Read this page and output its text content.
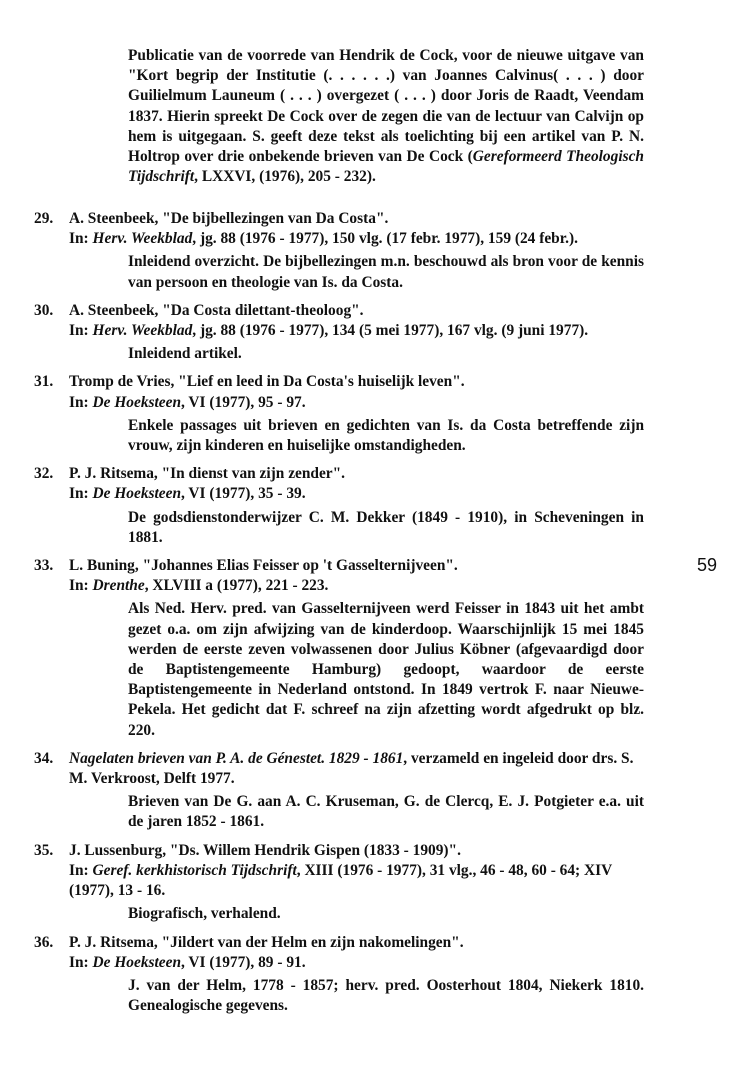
Publicatie van de voorrede van Hendrik de Cock, voor de nieuwe uitgave van "Kort begrip der Institutie (. . . . . .) van Joannes Calvinus( . . . ) door Guilielmum Launeum ( . . . ) overgezet ( . . . ) door Joris de Raadt, Veendam 1837. Hierin spreekt De Cock over de zegen die van de lectuur van Calvijn op hem is uitgegaan. S. geeft deze tekst als toelichting bij een artikel van P. N. Holtrop over drie onbekende brieven van De Cock (Gereformeerd Theologisch Tijdschrift, LXXVI, (1976), 205 - 232).
29.	A. Steenbeek, "De bijbellezingen van Da Costa".
In: Herv. Weekblad, jg. 88 (1976 - 1977), 150 vlg. (17 febr. 1977), 159 (24 febr.).
Inleidend overzicht. De bijbellezingen m.n. beschouwd als bron voor de kennis van persoon en theologie van Is. da Costa.
30.	A. Steenbeek, "Da Costa dilettant-theoloog".
In: Herv. Weekblad, jg. 88 (1976 - 1977), 134 (5 mei 1977), 167 vlg. (9 juni 1977).
Inleidend artikel.
31.	Tromp de Vries, "Lief en leed in Da Costa's huiselijk leven".
In: De Hoeksteen, VI (1977), 95 - 97.
Enkele passages uit brieven en gedichten van Is. da Costa betreffende zijn vrouw, zijn kinderen en huiselijke omstandigheden.
32.	P. J. Ritsema, "In dienst van zijn zender".
In: De Hoeksteen, VI (1977), 35 - 39.
De godsdienstonderwijzer C. M. Dekker (1849 - 1910), in Scheveningen in 1881.
33.	L. Buning, "Johannes Elias Feisser op 't Gasselternijveen".
In: Drenthe, XLVIII a (1977), 221 - 223.
Als Ned. Herv. pred. van Gasselternijveen werd Feisser in 1843 uit het ambt gezet o.a. om zijn afwijzing van de kinderdoop. Waarschijnlijk 15 mei 1845 werden de eerste zeven volwassenen door Julius Köbner (afgevaardigd door de Baptistengemeente Hamburg) gedoopt, waardoor de eerste Baptistengemeente in Nederland ontstond. In 1849 vertrok F. naar Nieuwe-Pekela. Het gedicht dat F. schreef na zijn afzetting wordt afgedrukt op blz. 220.
34.	Nagelaten brieven van P. A. de Génestet. 1829 - 1861, verzameld en ingeleid door drs. S. M. Verkroost, Delft 1977.
Brieven van De G. aan A. C. Kruseman, G. de Clercq, E. J. Potgieter e.a. uit de jaren 1852 - 1861.
35.	J. Lussenburg, "Ds. Willem Hendrik Gispen (1833 - 1909)".
In: Geref. kerkhistorisch Tijdschrift, XIII (1976 - 1977), 31 vlg., 46 - 48, 60 - 64; XIV (1977), 13 - 16.
Biografisch, verhalend.
36.	P. J. Ritsema, "Jildert van der Helm en zijn nakomelingen".
In: De Hoeksteen, VI (1977), 89 - 91.
J. van der Helm, 1778 - 1857; herv. pred. Oosterhout 1804, Niekerk 1810. Genealogische gegevens.
59
